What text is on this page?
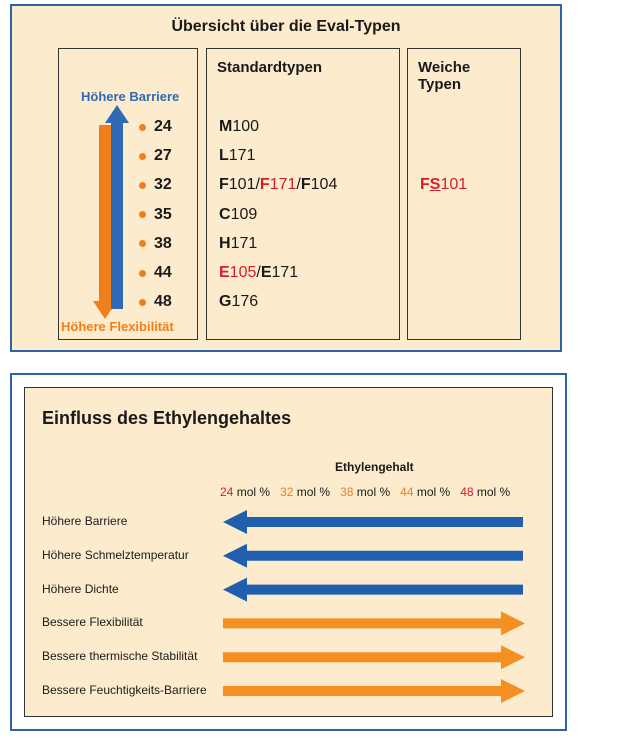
Übersicht über die Eval-Typen
Höhere Barriere
24
27
32
35
38
44
48
Höhere Flexibilität
Standardtypen
M 100
L 171
F 101/ F 171 / F 104
C 109
H 171
E 105 / E 171
G 176
Weiche
Typen
F S 101
Einfluss des Ethylengehaltes
Ethylengehalt
24 mol % 32 mol % 38 mol % 44 mol % 48 mol %
Höhere Barriere
Höhere Schmelztemperatur
Höhere Dichte
Bessere Flexibilität
Bessere thermische Stabilität
Bessere Feuchtigkeits-Barriere
